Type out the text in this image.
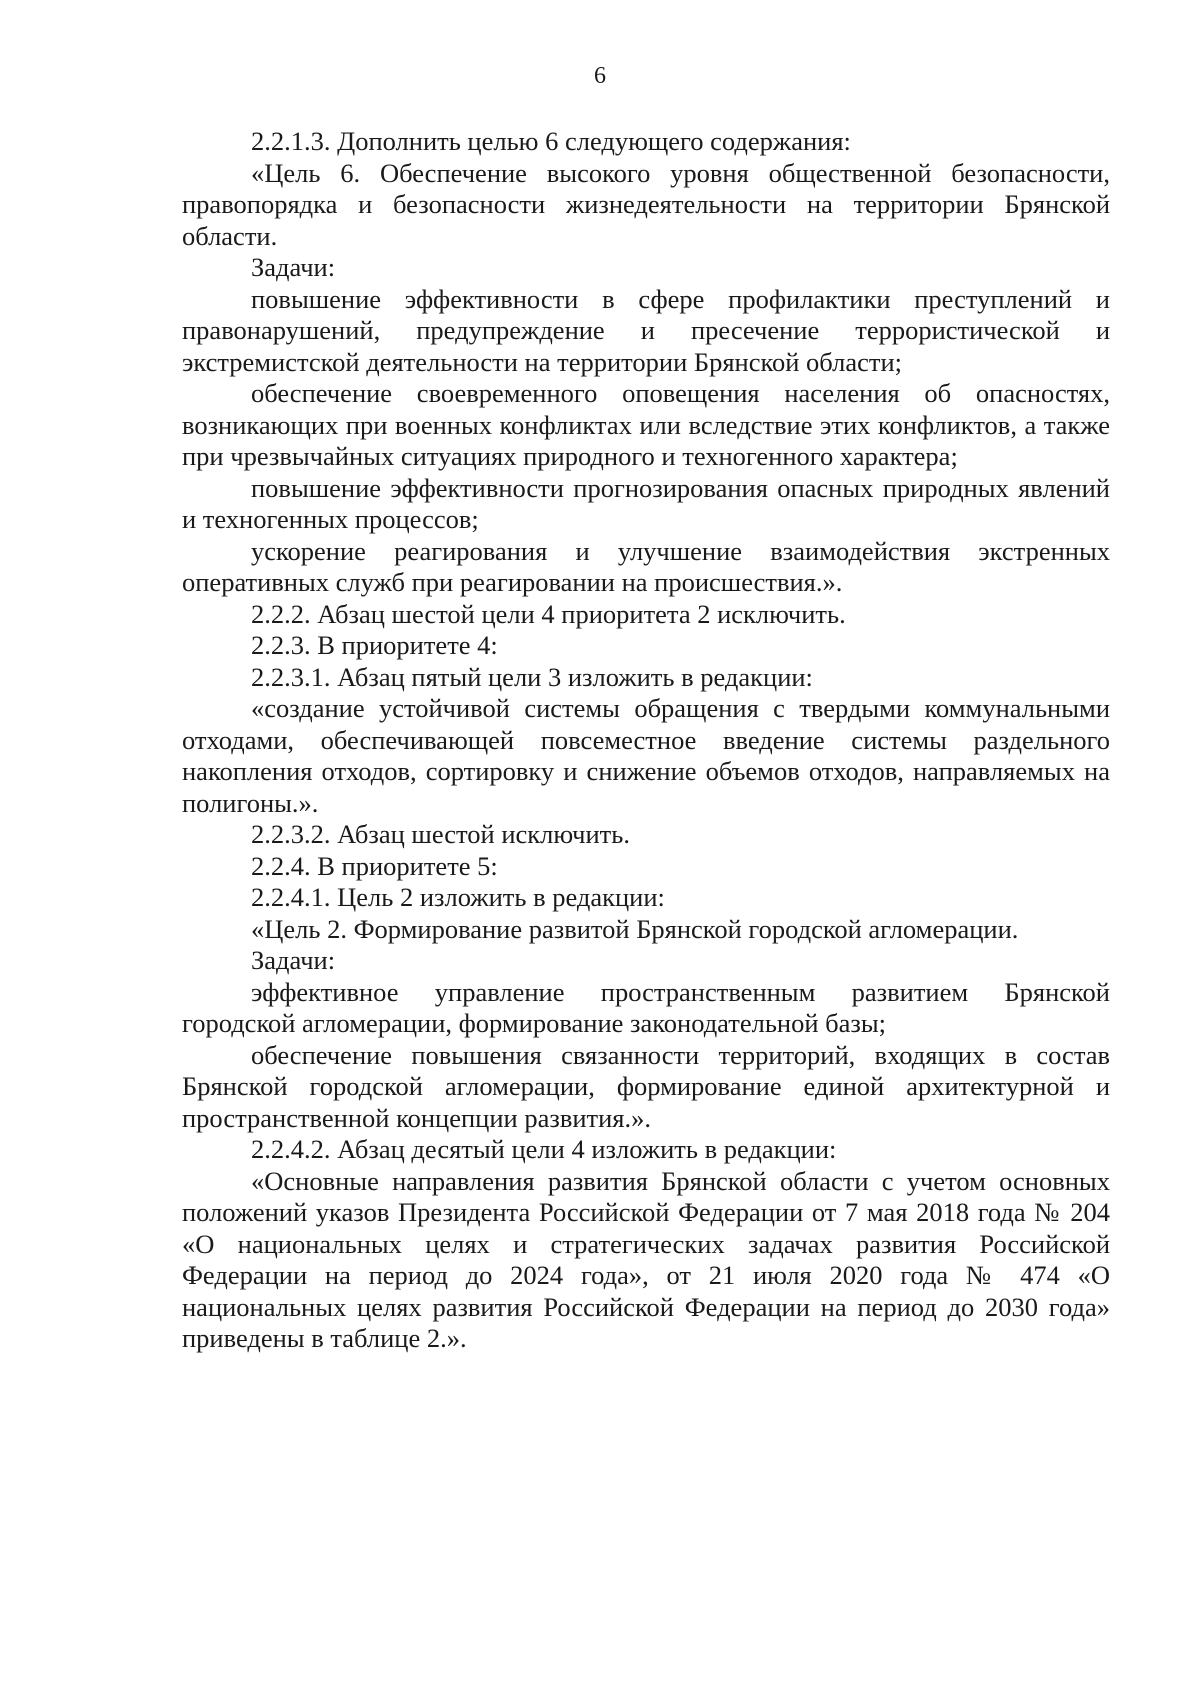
6

2.2.1.3. Дополнить целью 6 следующего содержания:

«Цель 6. Обеспечение высокого уровня общественной безопасности, правопорядка и безопасности жизнедеятельности на территории Брянской области.

Задачи:

повышение эффективности в сфере профилактики преступлений и правонарушений, предупреждение и пресечение террористической и экстремистской деятельности на территории Брянской области;

обеспечение своевременного оповещения населения об опасностях, возникающих при военных конфликтах или вследствие этих конфликтов, а также при чрезвычайных ситуациях природного и техногенного характера;

повышение эффективности прогнозирования опасных природных явлений и техногенных процессов;

ускорение реагирования и улучшение взаимодействия экстренных оперативных служб при реагировании на происшествия.».

2.2.2. Абзац шестой цели 4 приоритета 2 исключить.

2.2.3. В приоритете 4:

2.2.3.1. Абзац пятый цели 3 изложить в редакции:

«создание устойчивой системы обращения с твердыми коммунальными отходами, обеспечивающей повсеместное введение системы раздельного накопления отходов, сортировку и снижение объемов отходов, направляемых на полигоны.».

2.2.3.2. Абзац шестой исключить.

2.2.4. В приоритете 5:

2.2.4.1. Цель 2 изложить в редакции:

«Цель 2. Формирование развитой Брянской городской агломерации.

Задачи:

эффективное управление пространственным развитием Брянской городской агломерации, формирование законодательной базы;

обеспечение повышения связанности территорий, входящих в состав Брянской городской агломерации, формирование единой архитектурной и пространственной концепции развития.».

2.2.4.2. Абзац десятый цели 4 изложить в редакции:

«Основные направления развития Брянской области с учетом основных положений указов Президента Российской Федерации от 7 мая 2018 года № 204 «О национальных целях и стратегических задачах развития Российской Федерации на период до 2024 года», от 21 июля 2020 года № 474 «О национальных целях развития Российской Федерации на период до 2030 года» приведены в таблице 2.».
